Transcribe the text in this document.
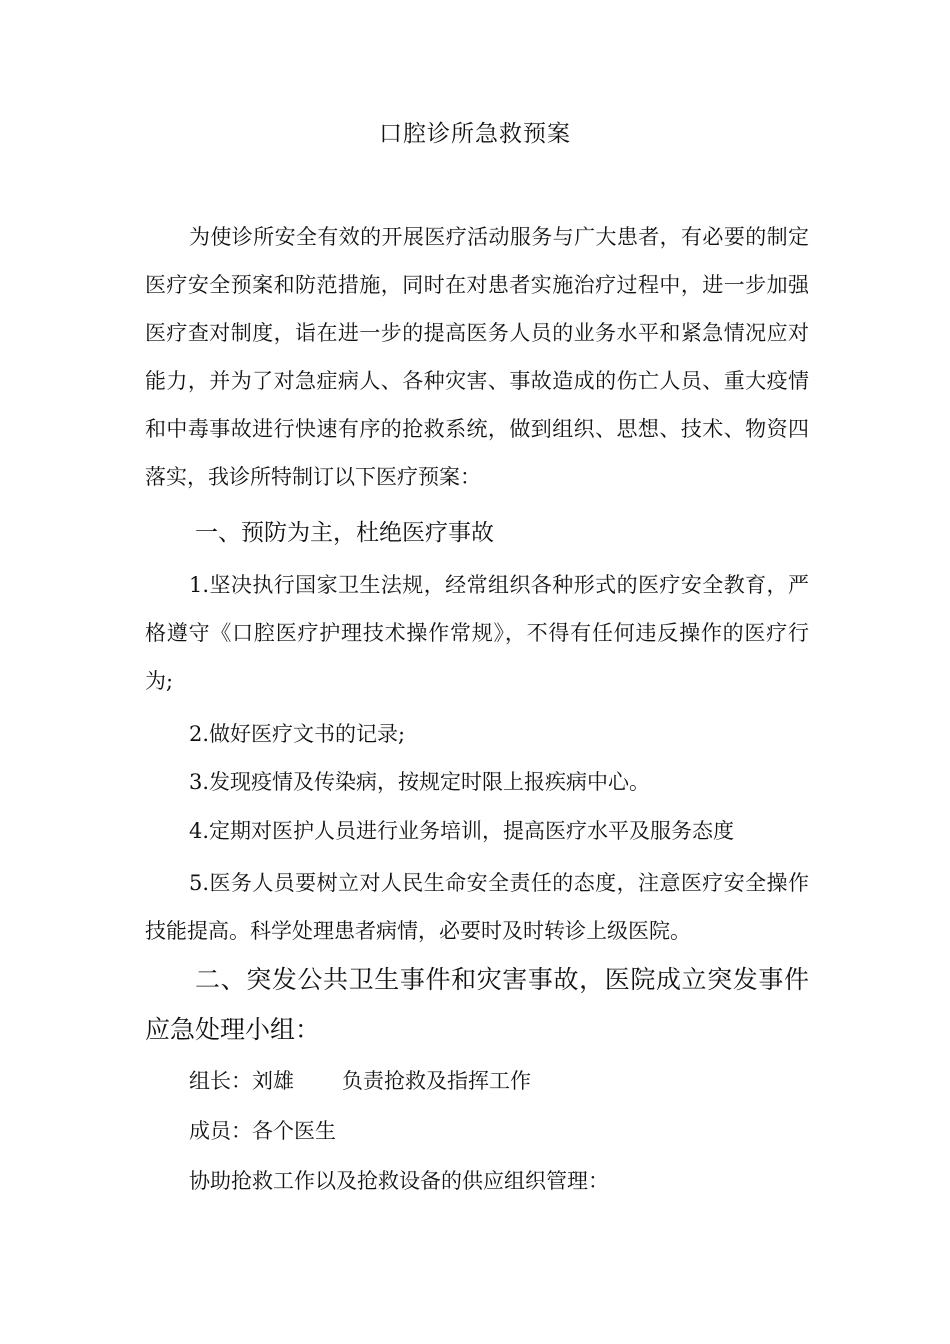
口腔诊所急救预案

为使诊所安全有效的开展医疗活动服务与广大患者，有必要的制定医疗安全预案和防范措施，同时在对患者实施治疗过程中，进一步加强医疗查对制度，诣在进一步的提高医务人员的业务水平和紧急情况应对能力，并为了对急症病人、各种灾害、事故造成的伤亡人员、重大疫情和中毒事故进行快速有序的抢救系统，做到组织、思想、技术、物资四落实，我诊所特制订以下医疗预案：

一、预防为主，杜绝医疗事故

1.坚决执行国家卫生法规，经常组织各种形式的医疗安全教育，严格遵守《口腔医疗护理技术操作常规》，不得有任何违反操作的医疗行为;

2.做好医疗文书的记录;

3.发现疫情及传染病，按规定时限上报疾病中心。

4.定期对医护人员进行业务培训，提高医疗水平及服务态度

5.医务人员要树立对人民生命安全责任的态度，注意医疗安全操作技能提高。科学处理患者病情，必要时及时转诊上级医院。

二、突发公共卫生事件和灾害事故，医院成立突发事件应急处理小组：

组长：刘雄 负责抢救及指挥工作

成员：各个医生

协助抢救工作以及抢救设备的供应组织管理：
